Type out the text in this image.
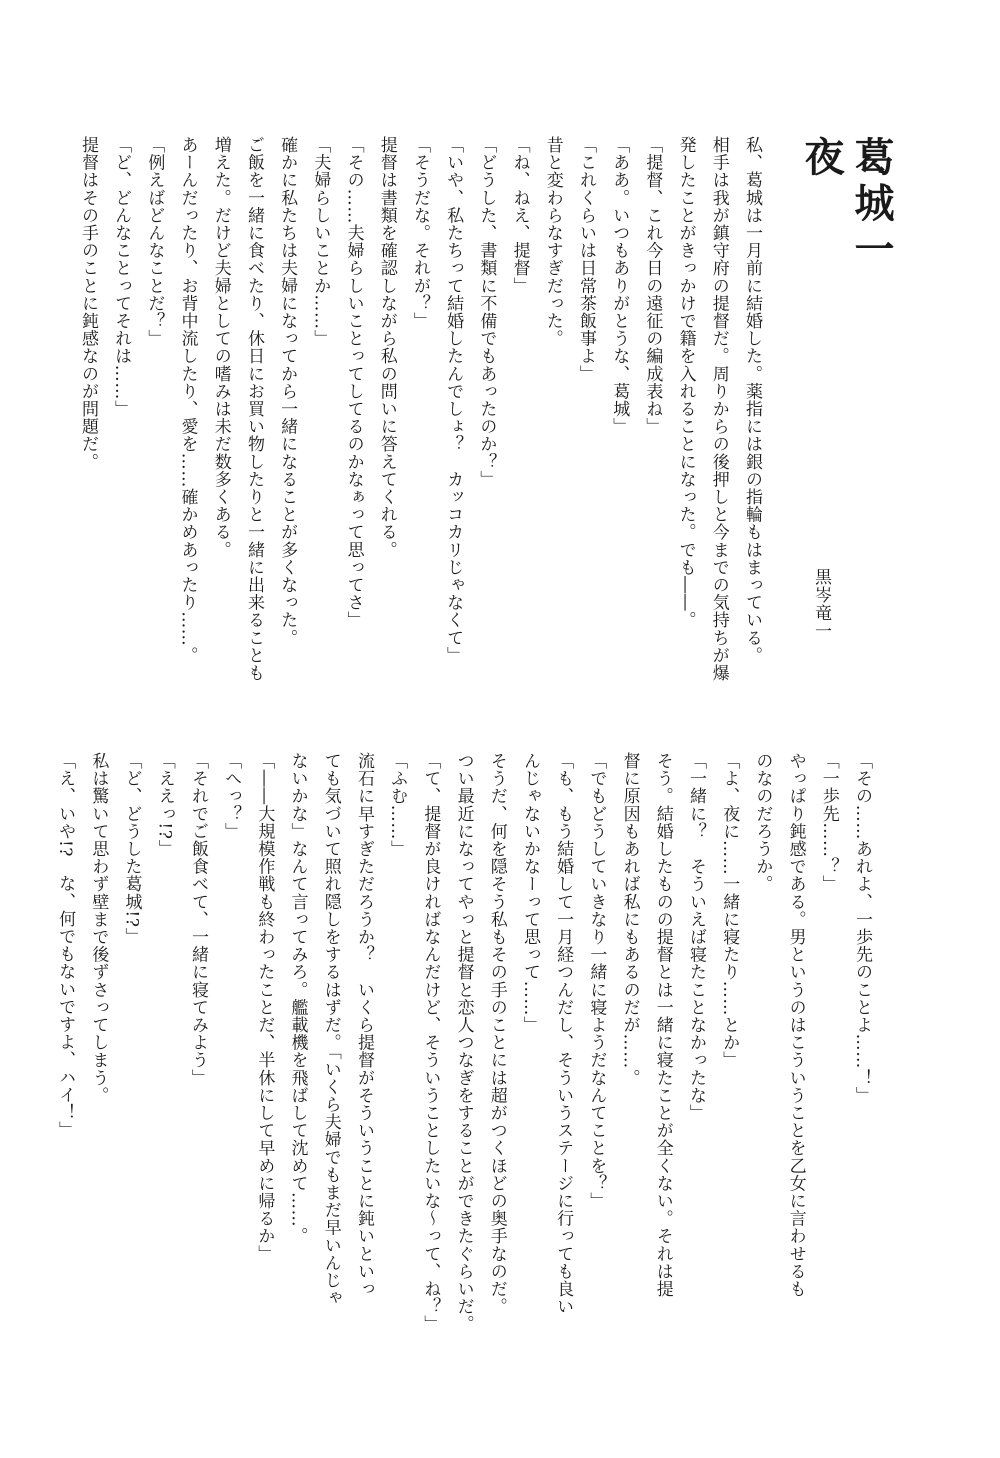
葛城一夜
黒岑竜一
私、葛城は一月前に結婚した。薬指には銀の指輪もはまっている。
相手は我が鎮守府の提督だ。周りからの後押しと今までの気持ちが爆
発したことがきっかけで籍を入れることになった。でも――。
「提督、これ今日の遠征の編成表ね」
「ああ。いつもありがとうな、葛城」
「これくらいは日常茶飯事よ」
昔と変わらなすぎだった。
「ね、ねえ、提督」
「どうした、書類に不備でもあったのか？」
「いや、私たちって結婚したんでしょ？　カッコカリじゃなくて」
「そうだな。それが？」
提督は書類を確認しながら私の問いに答えてくれる。
「その……夫婦らしいことってしてるのかなぁって思ってさ」
「夫婦らしいことか……」
確かに私たちは夫婦になってから一緒になることが多くなった。
ご飯を一緒に食べたり、休日にお買い物したりと一緒に出来ることも
増えた。だけど夫婦としての嗜みは未だ数多くある。
あーんだったり、お背中流したり、愛を……確かめあったり……。
「例えばどんなことだ？」
「ど、どんなことってそれは……」
提督はその手のことに鈍感なのが問題だ。
「その……あれよ、一歩先のことよ……！」
「一歩先……？」
やっぱり鈍感である。男というのはこういうことを乙女に言わせるも
のなのだろうか。
「よ、夜に……一緒に寝たり……とか」
「一緒に？　そういえば寝たことなかったな」
そう。結婚したものの提督とは一緒に寝たことが全くない。それは提
督に原因もあれば私にもあるのだが……。
「でもどうしていきなり一緒に寝ようだなんてことを？」
「も、もう結婚して一月経つんだし、そういうステージに行っても良い
んじゃないかなーって思って……」
そうだ、何を隠そう私もその手のことには超がつくほどの奥手なのだ。
つい最近になってやっと提督と恋人つなぎをすることができたぐらいだ。
「て、提督が良ければなんだけど、そういうことしたいな～って、ね？」
「ふむ……」
流石に早すぎただろうか？　いくら提督がそういうことに鈍いといっ
ても気づいて照れ隠しをするはずだ。「いくら夫婦でもまだ早いんじゃ
ないかな」なんて言ってみろ。艦載機を飛ばして沈めて……。
「――大規模作戦も終わったことだ、半休にして早めに帰るか」
「へっ？」
「それでご飯食べて、一緒に寝てみよう」
「ええっ!?」
「ど、どうした葛城!?」
私は驚いて思わず壁まで後ずさってしまう。
「え、いや!?　な、何でもないですよ、ハイ！」
